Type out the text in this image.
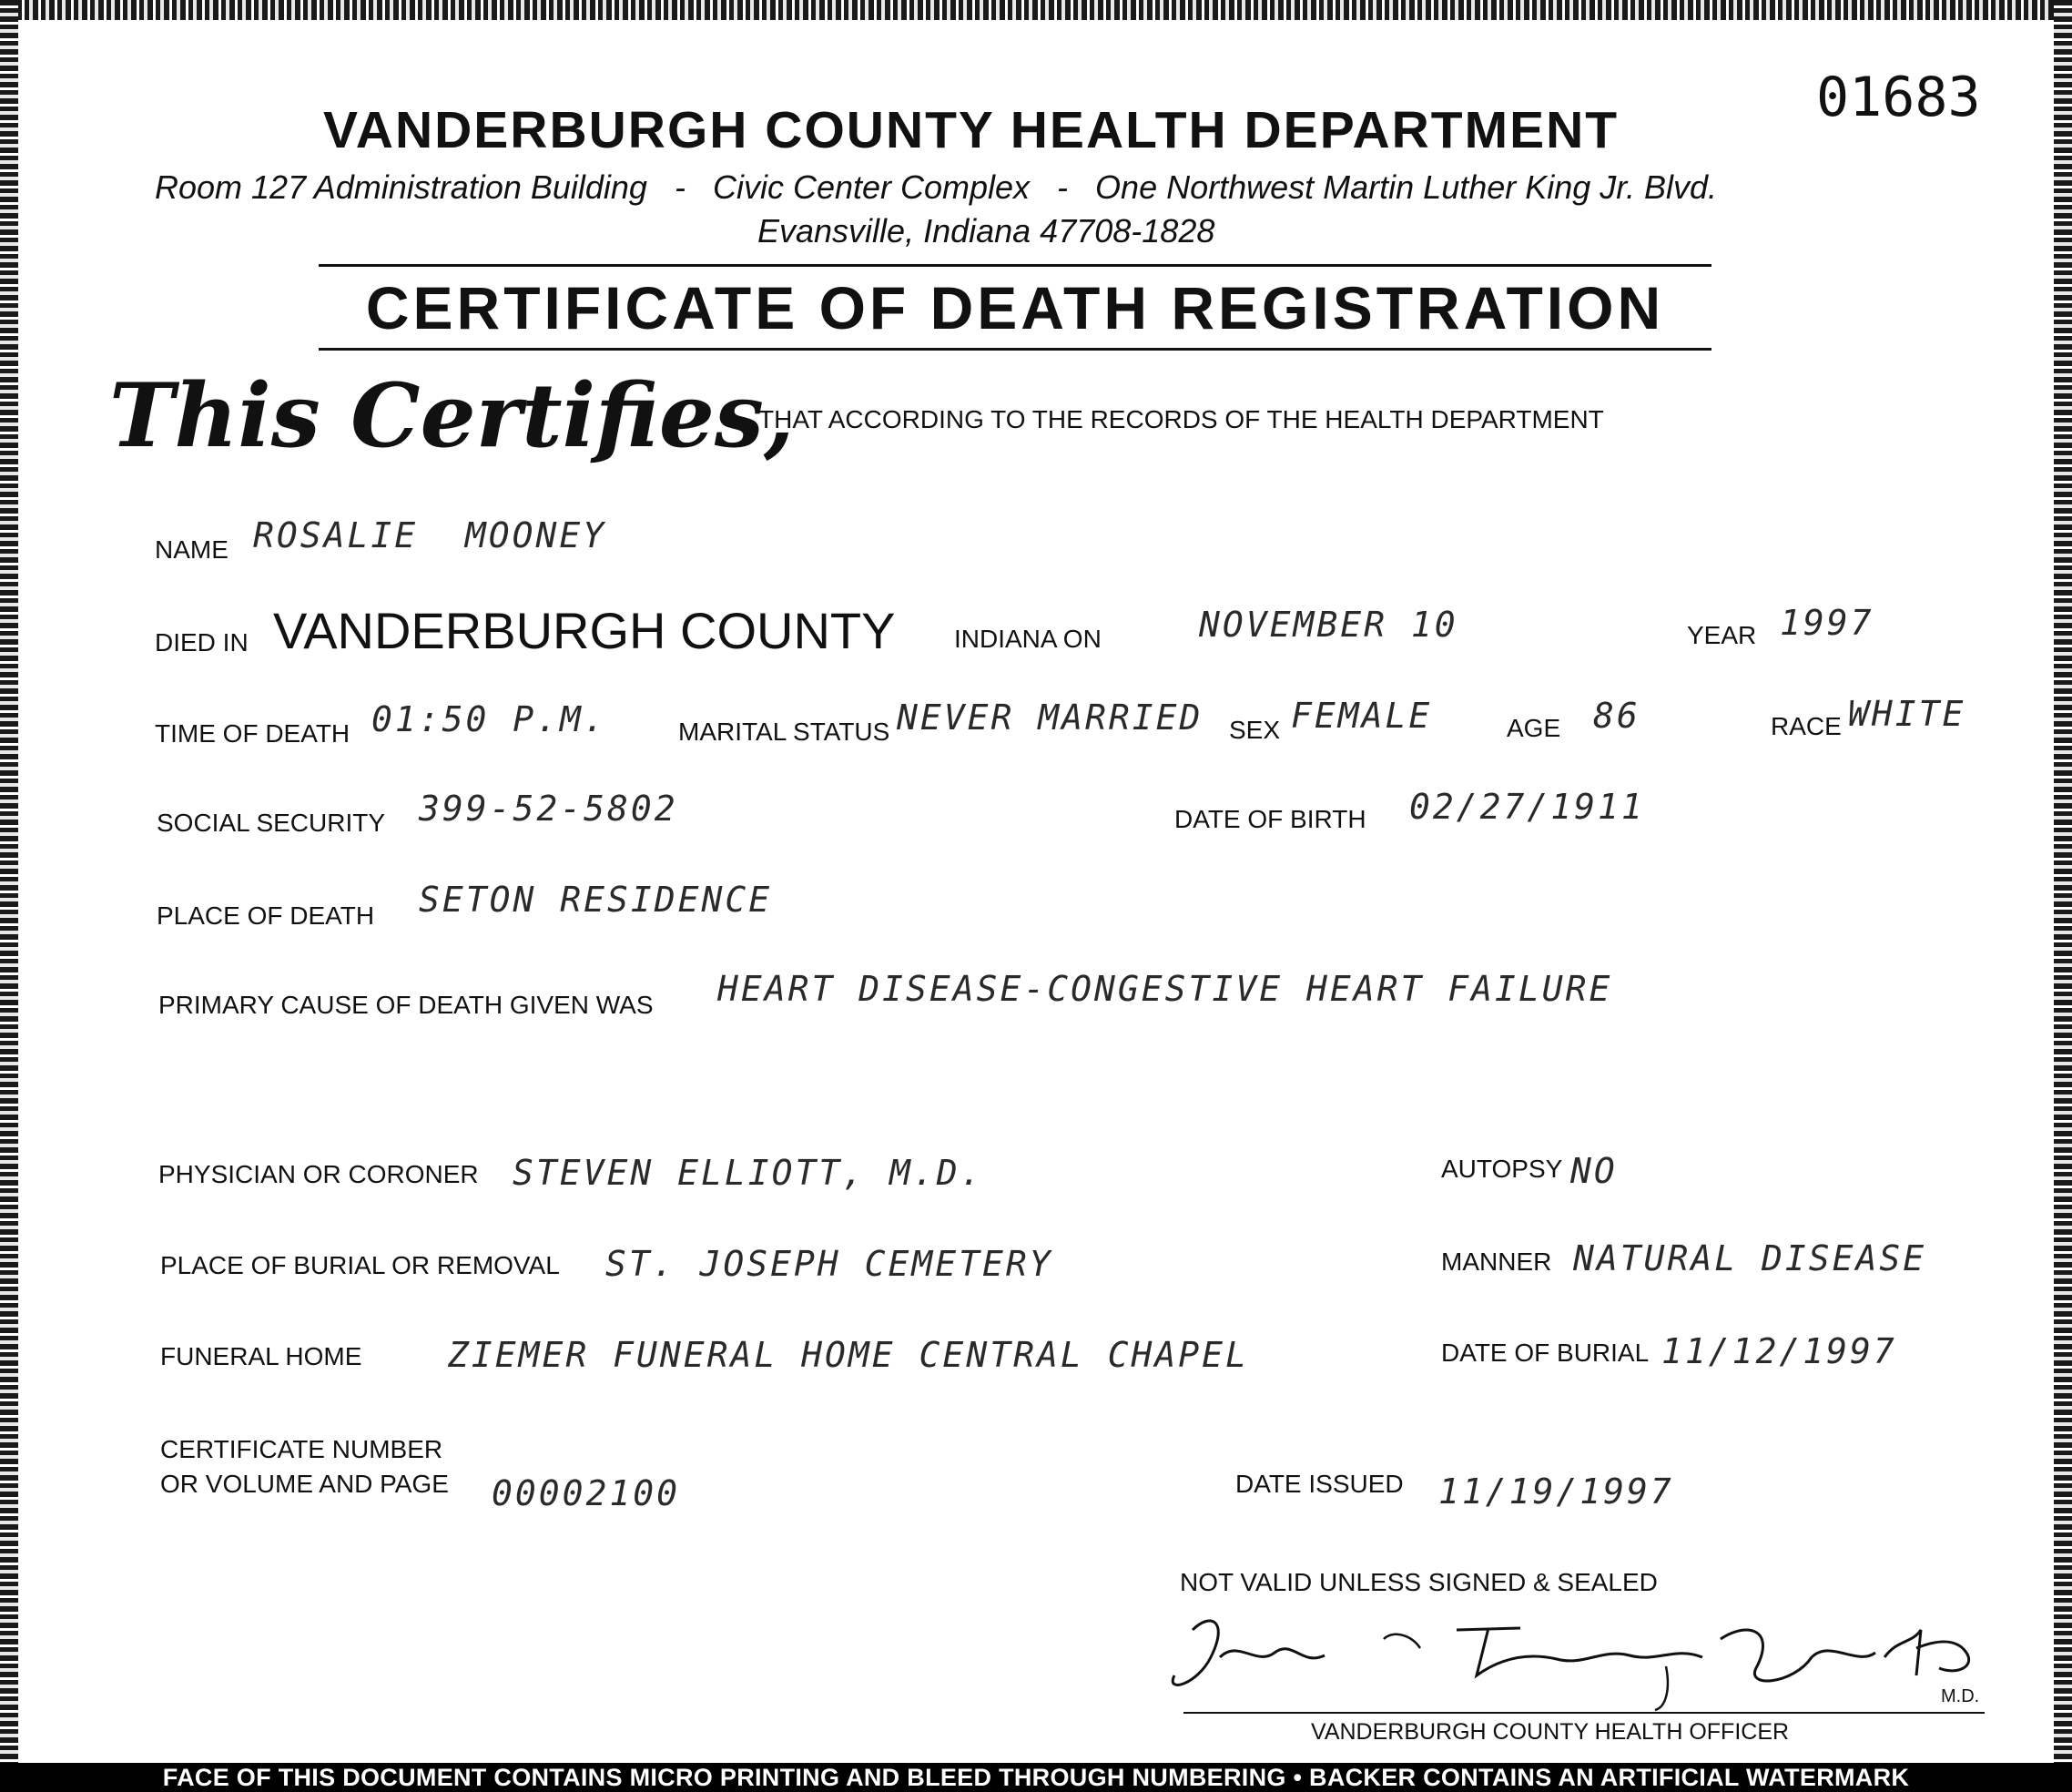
01683
VANDERBURGH COUNTY HEALTH DEPARTMENT
Room 127 Administration Building   -   Civic Center Complex   -   One Northwest Martin Luther King Jr. Blvd.
Evansville, Indiana 47708-1828
CERTIFICATE OF DEATH REGISTRATION
This Certifies,
THAT ACCORDING TO THE RECORDS OF THE HEALTH DEPARTMENT
NAME ROSALIE  MOONEY
DIED IN VANDERBURGH COUNTY INDIANA ON	NOVEMBER 10	YEAR 1997
TIME OF DEATH 01:50 P.M.	MARITAL STATUS NEVER MARRIED SEX FEMALE	AGE 86	RACE WHITE
SOCIAL SECURITY 399-52-5802	DATE OF BIRTH 02/27/1911
PLACE OF DEATH SETON RESIDENCE
PRIMARY CAUSE OF DEATH GIVEN WAS HEART DISEASE-CONGESTIVE HEART FAILURE
PHYSICIAN OR CORONER STEVEN ELLIOTT, M.D.	AUTOPSY NO
PLACE OF BURIAL OR REMOVAL ST. JOSEPH CEMETERY	MANNER NATURAL DISEASE
FUNERAL HOME ZIEMER FUNERAL HOME CENTRAL CHAPEL	DATE OF BURIAL 11/12/1997
CERTIFICATE NUMBER
OR VOLUME AND PAGE 00002100	DATE ISSUED 11/19/1997
NOT VALID UNLESS SIGNED & SEALED
M.D.
VANDERBURGH COUNTY HEALTH OFFICER
FACE OF THIS DOCUMENT CONTAINS MICRO PRINTING AND BLEED THROUGH NUMBERING • BACKER CONTAINS AN ARTIFICIAL WATERMARK
